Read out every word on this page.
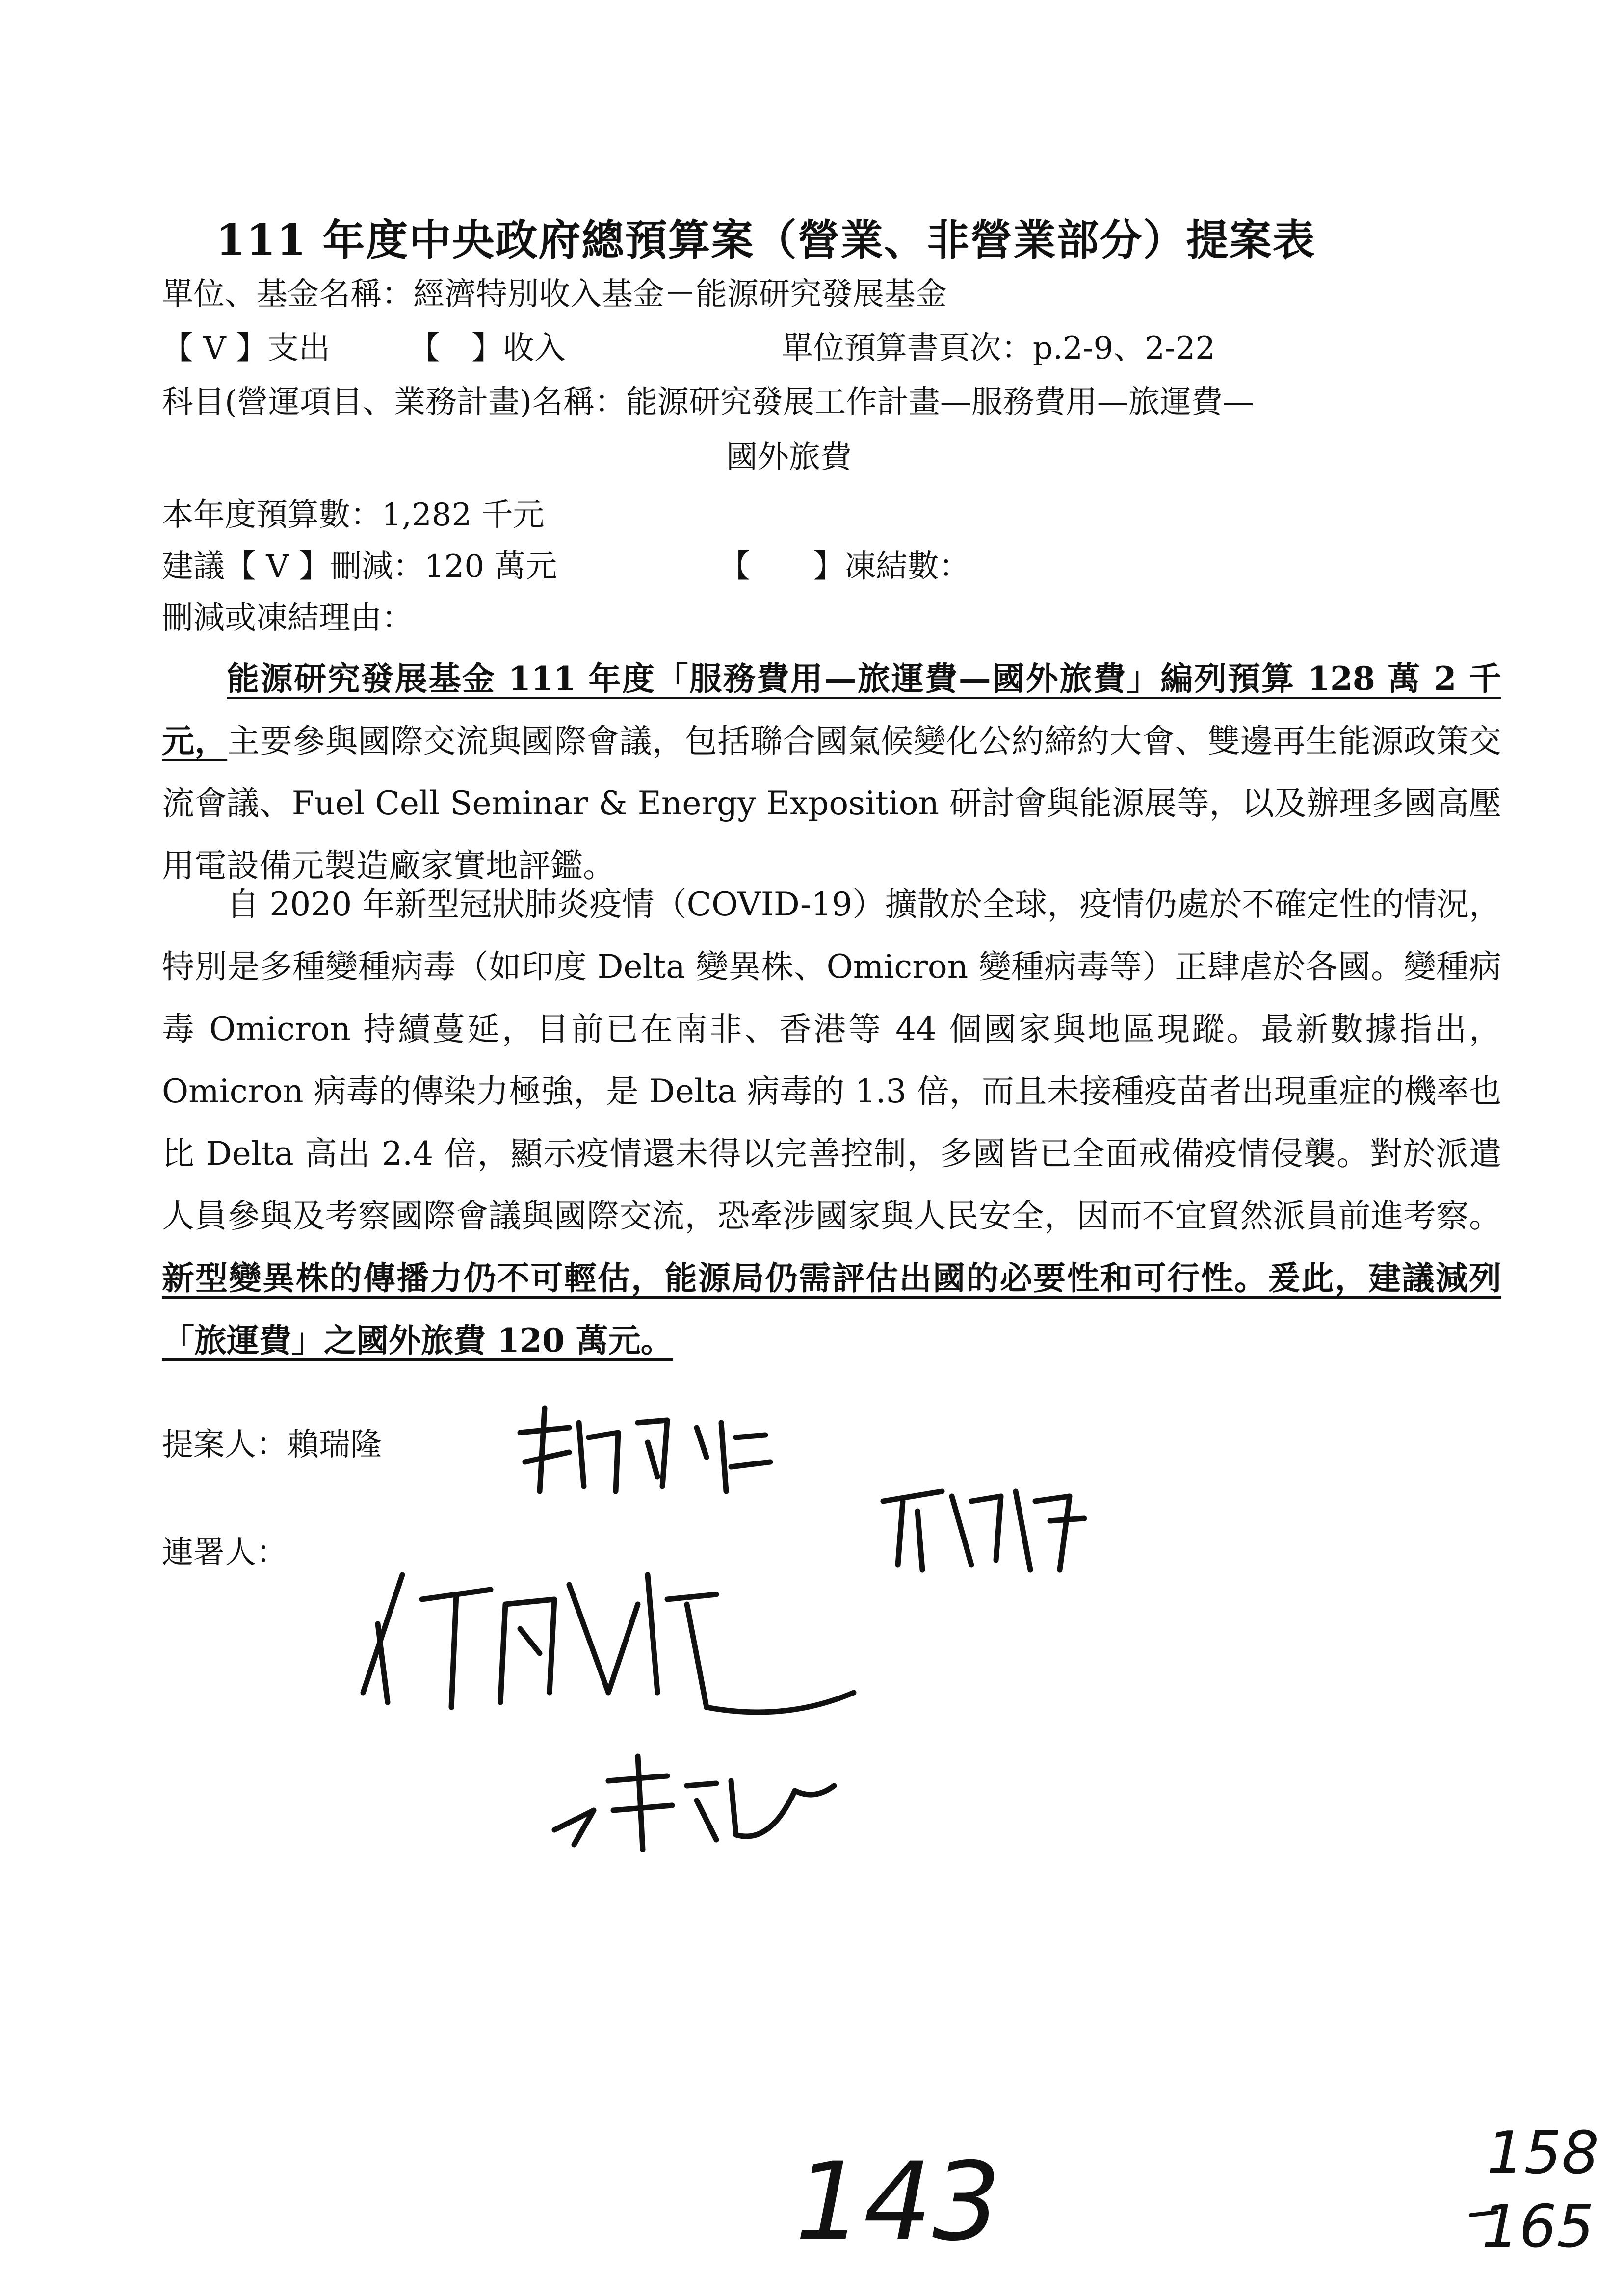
111 年度中央政府總預算案（營業、非營業部分）提案表
單位、基金名稱：經濟特別收入基金－能源研究發展基金
【 V 】支出	【　】收入	單位預算書頁次：p.2-9、2-22
科目(營運項目、業務計畫)名稱：能源研究發展工作計畫—服務費用—旅運費—
國外旅費
本年度預算數：1,282 千元
建議【 V 】刪減：120 萬元	【　　】凍結數：
刪減或凍結理由：
能源研究發展基金 111 年度「服務費用—旅運費—國外旅費」編列預算 128 萬 2 千元，主要參與國際交流與國際會議，包括聯合國氣候變化公約締約大會、雙邊再生能源政策交流會議、Fuel Cell Seminar & Energy Exposition 研討會與能源展等，以及辦理多國高壓用電設備元製造廠家實地評鑑。
自 2020 年新型冠狀肺炎疫情（COVID-19）擴散於全球，疫情仍處於不確定性的情況，特別是多種變種病毒（如印度 Delta 變異株、Omicron 變種病毒等）正肆虐於各國。變種病毒 Omicron 持續蔓延，目前已在南非、香港等 44 個國家與地區現蹤。最新數據指出，Omicron 病毒的傳染力極強，是 Delta 病毒的 1.3 倍，而且未接種疫苗者出現重症的機率也比 Delta 高出 2.4 倍，顯示疫情還未得以完善控制，多國皆已全面戒備疫情侵襲。對於派遣人員參與及考察國際會議與國際交流，恐牽涉國家與人民安全，因而不宜貿然派員前進考察。新型變異株的傳播力仍不可輕估，能源局仍需評估出國的必要性和可行性。爰此，建議減列「旅運費」之國外旅費 120 萬元。
提案人：賴瑞隆
連署人：
143	158
165
